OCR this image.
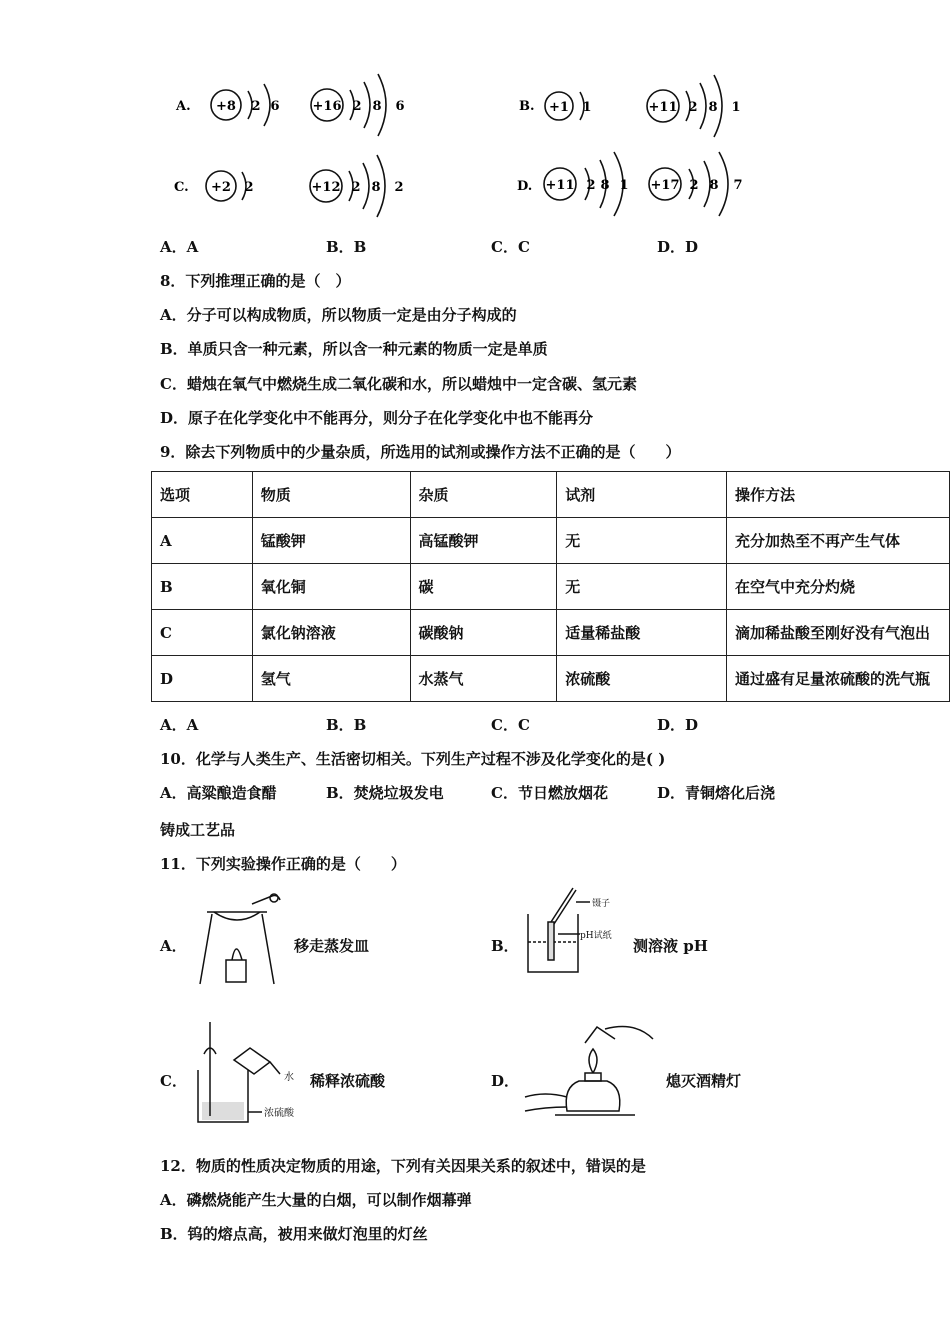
A. +8 2 6	+16 2 8 6	B. +1 1	+11 2 8 1
C. +2 2	+12 2 8 2	D. +11 2 8 1 +17 2 8 7
A．A	B．B	C．C	D．D
8．下列推理正确的是（　）
A．分子可以构成物质，所以物质一定是由分子构成的
B．单质只含一种元素，所以含一种元素的物质一定是单质
C．蜡烛在氧气中燃烧生成二氧化碳和水，所以蜡烛中一定含碳、氢元素
D．原子在化学变化中不能再分，则分子在化学变化中也不能再分
9．除去下列物质中的少量杂质，所选用的试剂或操作方法不正确的是（　　）
选项	物质	杂质	试剂	操作方法
A	锰酸钾	高锰酸钾	无	充分加热至不再产生气体
B	氧化铜	碳	无	在空气中充分灼烧
C	氯化钠溶液	碳酸钠	适量稀盐酸	滴加稀盐酸至刚好没有气泡出
D	氢气	水蒸气	浓硫酸	通过盛有足量浓硫酸的洗气瓶
A．A	B．B	C．C	D．D
10．化学与人类生产、生活密切相关。下列生产过程不涉及化学变化的是( )
A．高粱酿造食醋	B．焚烧垃圾发电	C．节日燃放烟花	D．青铜熔化后浇
铸成工艺品
11．下列实验操作正确的是（　　）
A．	移走蒸发皿	B．
镊子
pH试纸
测溶液 pH
C．	水
浓硫酸
稀释浓硫酸	D．	熄灭酒精灯
12．物质的性质决定物质的用途，下列有关因果关系的叙述中，错误的是
A．磷燃烧能产生大量的白烟，可以制作烟幕弹
B．钨的熔点高，被用来做灯泡里的灯丝
